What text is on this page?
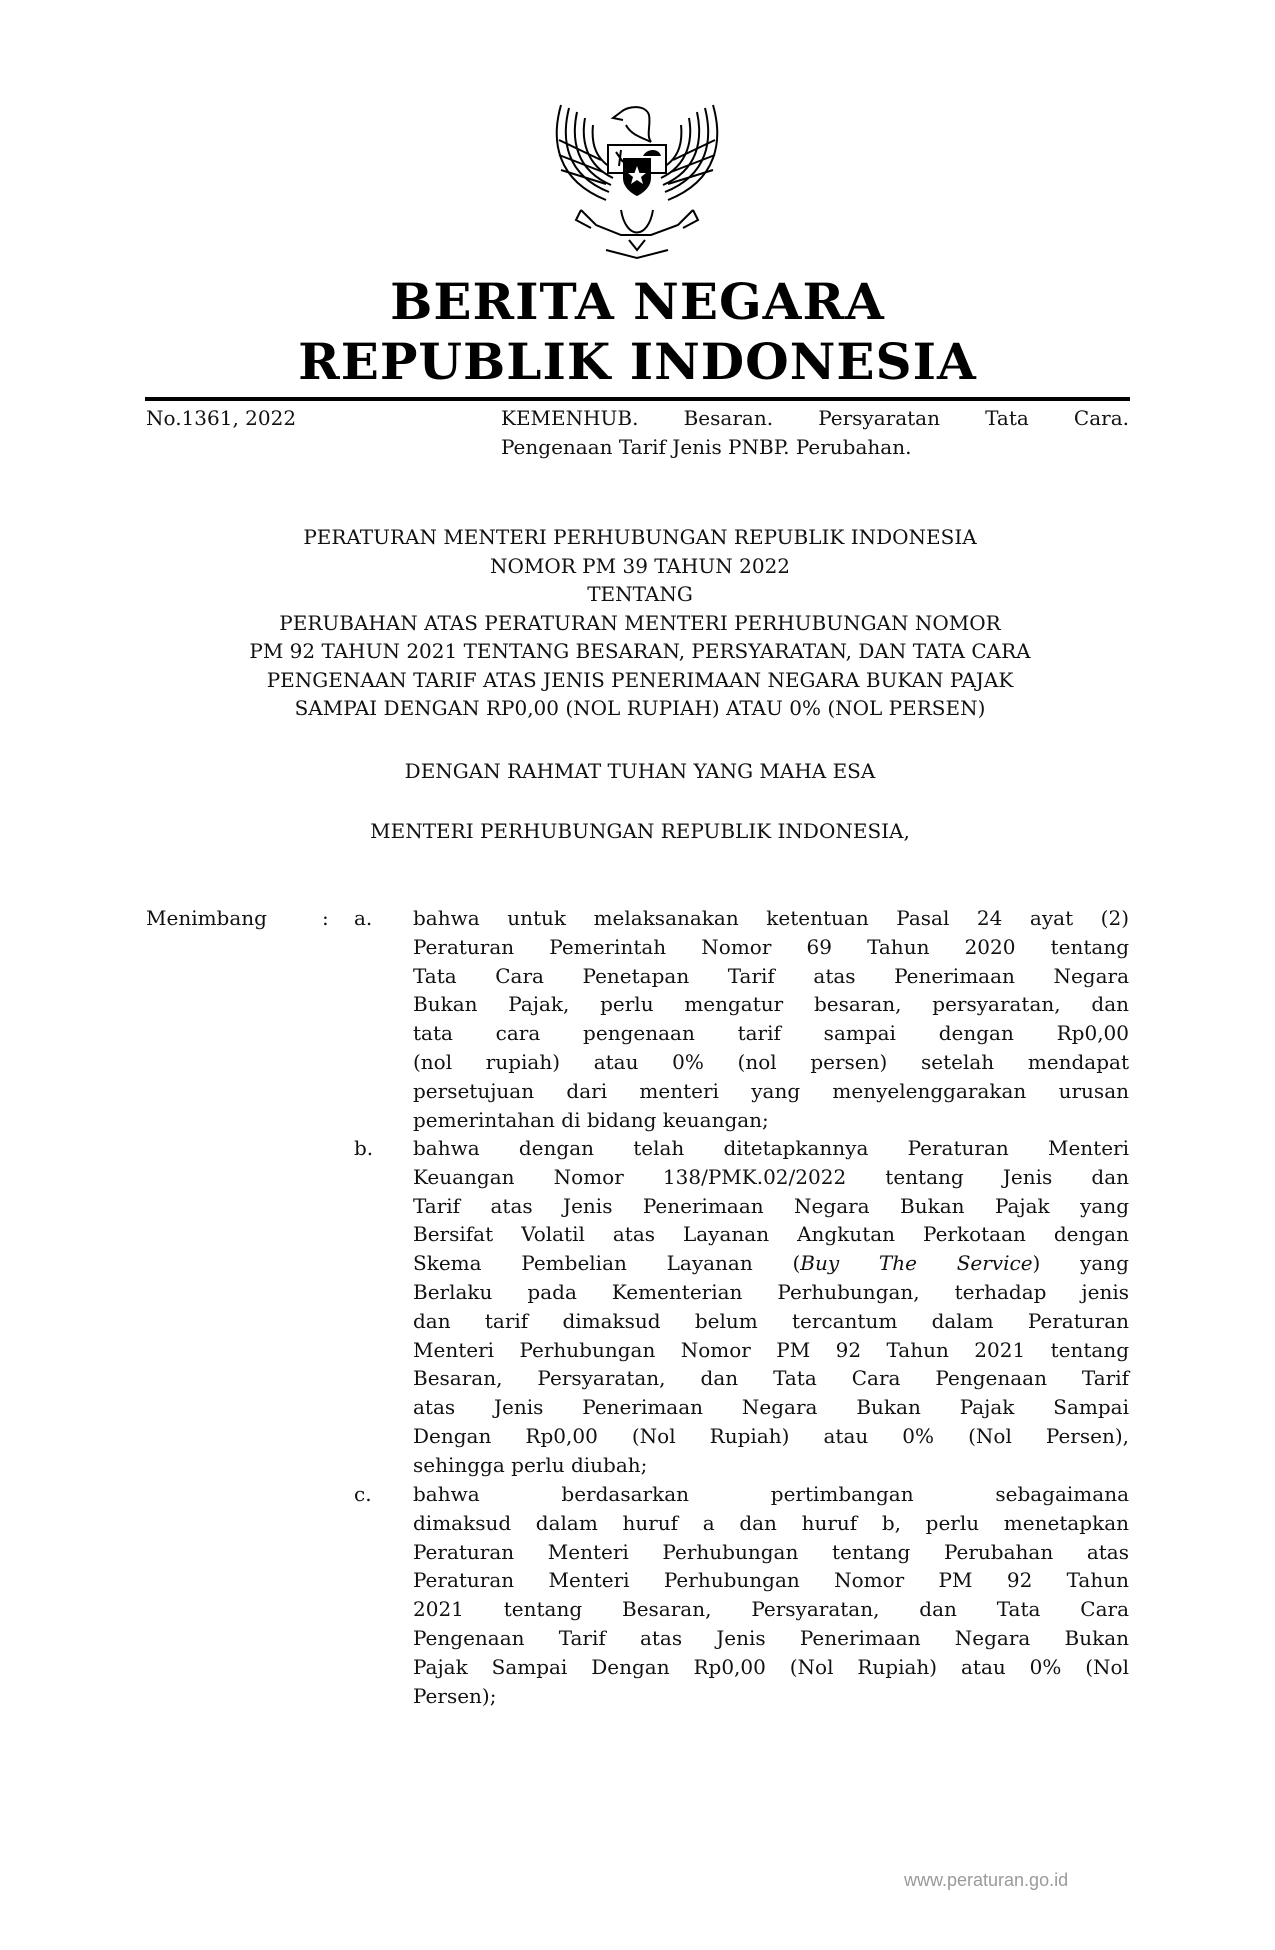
BERITA NEGARA
REPUBLIK INDONESIA
No.1361, 2022	KEMENHUB. Besaran. Persyaratan Tata Cara.
Pengenaan Tarif Jenis PNBP. Perubahan.
PERATURAN MENTERI PERHUBUNGAN REPUBLIK INDONESIA
NOMOR PM 39 TAHUN 2022
TENTANG
PERUBAHAN ATAS PERATURAN MENTERI PERHUBUNGAN NOMOR
PM 92 TAHUN 2021 TENTANG BESARAN, PERSYARATAN, DAN TATA CARA
PENGENAAN TARIF ATAS JENIS PENERIMAAN NEGARA BUKAN PAJAK
SAMPAI DENGAN RP0,00 (NOL RUPIAH) ATAU 0% (NOL PERSEN)
DENGAN RAHMAT TUHAN YANG MAHA ESA
MENTERI PERHUBUNGAN REPUBLIK INDONESIA,
Menimbang	: a. bahwa untuk melaksanakan ketentuan Pasal 24 ayat (2)
Peraturan Pemerintah Nomor 69 Tahun 2020 tentang
Tata Cara Penetapan Tarif atas Penerimaan Negara
Bukan Pajak, perlu mengatur besaran, persyaratan, dan
tata cara pengenaan tarif sampai dengan Rp0,00
(nol rupiah) atau 0% (nol persen) setelah mendapat
persetujuan dari menteri yang menyelenggarakan urusan
pemerintahan di bidang keuangan;
b. bahwa dengan telah ditetapkannya Peraturan Menteri
Keuangan Nomor 138/PMK.02/2022 tentang Jenis dan
Tarif atas Jenis Penerimaan Negara Bukan Pajak yang
Bersifat Volatil atas Layanan Angkutan Perkotaan dengan
Skema Pembelian Layanan (Buy The Service) yang
Berlaku pada Kementerian Perhubungan, terhadap jenis
dan tarif dimaksud belum tercantum dalam Peraturan
Menteri Perhubungan Nomor PM 92 Tahun 2021 tentang
Besaran, Persyaratan, dan Tata Cara Pengenaan Tarif
atas Jenis Penerimaan Negara Bukan Pajak Sampai
Dengan Rp0,00 (Nol Rupiah) atau 0% (Nol Persen),
sehingga perlu diubah;
c. bahwa berdasarkan pertimbangan sebagaimana
dimaksud dalam huruf a dan huruf b, perlu menetapkan
Peraturan Menteri Perhubungan tentang Perubahan atas
Peraturan Menteri Perhubungan Nomor PM 92 Tahun
2021 tentang Besaran, Persyaratan, dan Tata Cara
Pengenaan Tarif atas Jenis Penerimaan Negara Bukan
Pajak Sampai Dengan Rp0,00 (Nol Rupiah) atau 0% (Nol
Persen);
www.peraturan.go.id
